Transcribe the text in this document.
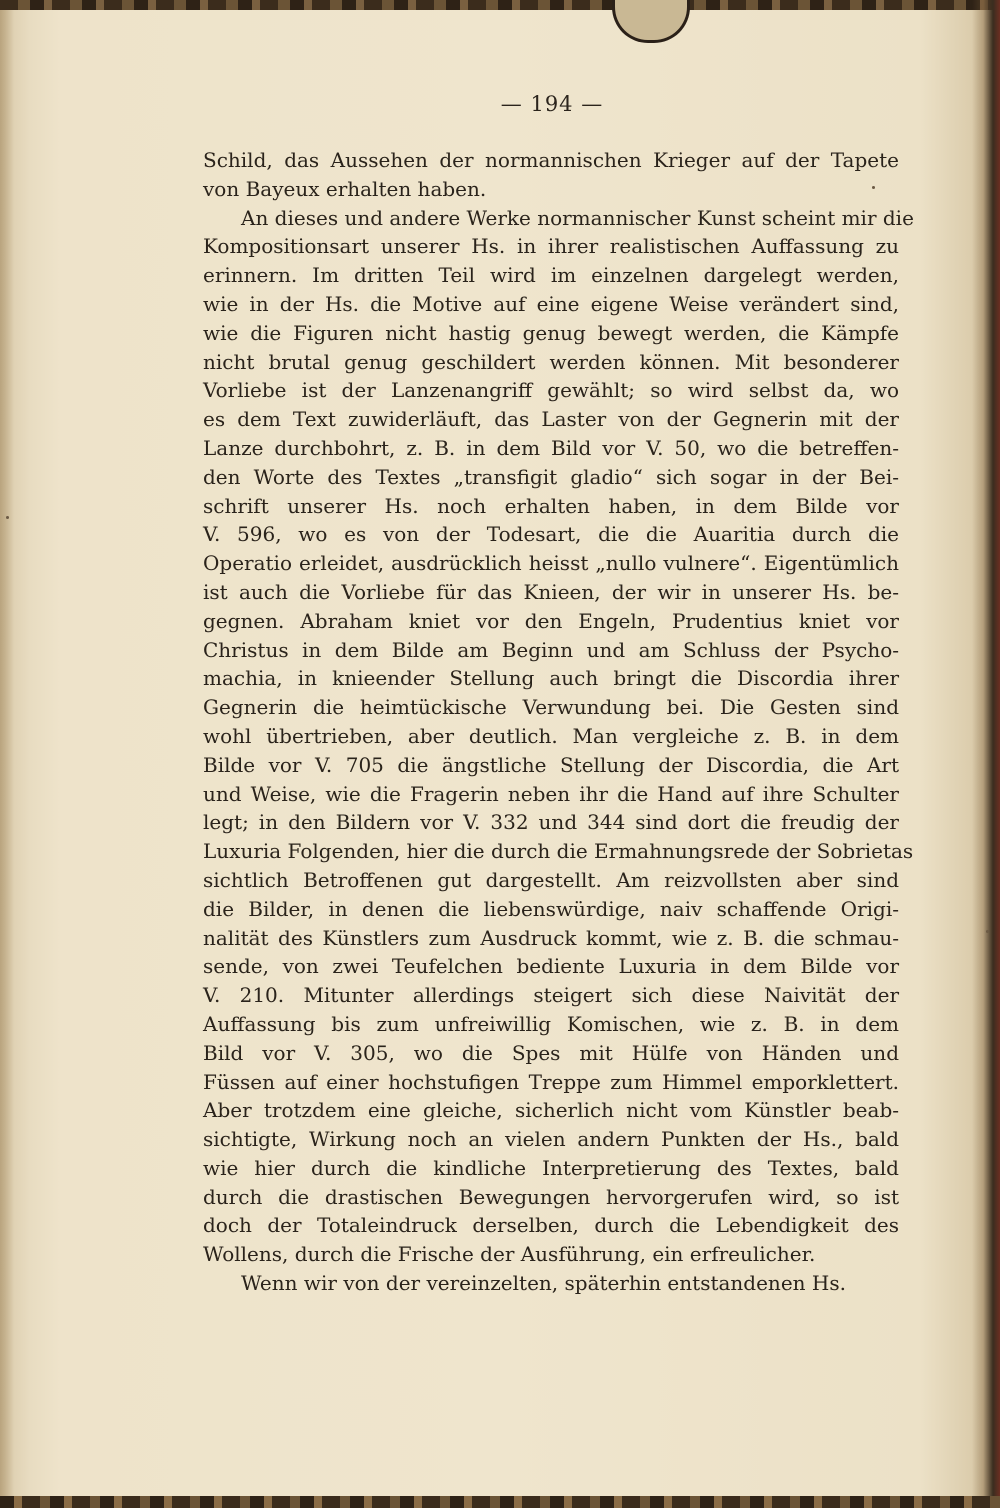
— 194 —
Schild, das Aussehen der normannischen Krieger auf der Tapete
von Bayeux erhalten haben.
An dieses und andere Werke normannischer Kunst scheint mir die
Kompositionsart unserer Hs. in ihrer realistischen Auffassung zu
erinnern. Im dritten Teil wird im einzelnen dargelegt werden,
wie in der Hs. die Motive auf eine eigene Weise verändert sind,
wie die Figuren nicht hastig genug bewegt werden, die Kämpfe
nicht brutal genug geschildert werden können. Mit besonderer
Vorliebe ist der Lanzenangriff gewählt; so wird selbst da, wo
es dem Text zuwiderläuft, das Laster von der Gegnerin mit der
Lanze durchbohrt, z. B. in dem Bild vor V. 50, wo die betreffen-
den Worte des Textes „transfigit gladio“ sich sogar in der Bei-
schrift unserer Hs. noch erhalten haben, in dem Bilde vor
V. 596, wo es von der Todesart, die die Auaritia durch die
Operatio erleidet, ausdrücklich heisst „nullo vulnere“. Eigentümlich
ist auch die Vorliebe für das Knieen, der wir in unserer Hs. be-
gegnen. Abraham kniet vor den Engeln, Prudentius kniet vor
Christus in dem Bilde am Beginn und am Schluss der Psycho-
machia, in knieender Stellung auch bringt die Discordia ihrer
Gegnerin die heimtückische Verwundung bei. Die Gesten sind
wohl übertrieben, aber deutlich. Man vergleiche z. B. in dem
Bilde vor V. 705 die ängstliche Stellung der Discordia, die Art
und Weise, wie die Fragerin neben ihr die Hand auf ihre Schulter
legt; in den Bildern vor V. 332 und 344 sind dort die freudig der
Luxuria Folgenden, hier die durch die Ermahnungsrede der Sobrietas
sichtlich Betroffenen gut dargestellt. Am reizvollsten aber sind
die Bilder, in denen die liebenswürdige, naiv schaffende Origi-
nalität des Künstlers zum Ausdruck kommt, wie z. B. die schmau-
sende, von zwei Teufelchen bediente Luxuria in dem Bilde vor
V. 210. Mitunter allerdings steigert sich diese Naivität der
Auffassung bis zum unfreiwillig Komischen, wie z. B. in dem
Bild vor V. 305, wo die Spes mit Hülfe von Händen und
Füssen auf einer hochstufigen Treppe zum Himmel emporklettert.
Aber trotzdem eine gleiche, sicherlich nicht vom Künstler beab-
sichtigte, Wirkung noch an vielen andern Punkten der Hs., bald
wie hier durch die kindliche Interpretierung des Textes, bald
durch die drastischen Bewegungen hervorgerufen wird, so ist
doch der Totaleindruck derselben, durch die Lebendigkeit des
Wollens, durch die Frische der Ausführung, ein erfreulicher.
Wenn wir von der vereinzelten, späterhin entstandenen Hs.
